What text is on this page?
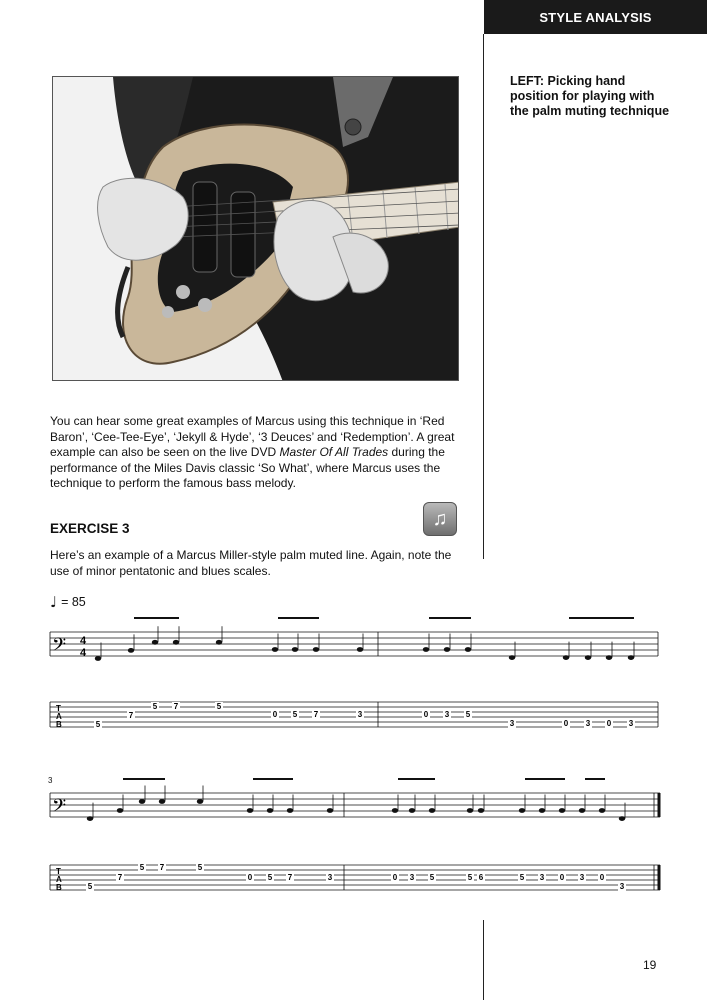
STYLE ANALYSIS
LEFT: Picking hand position for playing with the palm muting technique

You can hear some great examples of Marcus using this technique in ‘Red Baron’, ‘Cee-Tee-Eye’, ‘Jekyll & Hyde’, ‘3 Deuces’ and ‘Redemption’. A great example can also be seen on the live DVD Master Of All Trades during the performance of the Miles Davis classic ‘So What’, where Marcus uses the technique to perform the famous bass melody.

EXERCISE 3	♫
Here’s an example of a Marcus Miller-style palm muted line. Again, note the use of minor pentatonic and blues scales.
♩ = 85
3
T
A
B
T
A
B
5
7
5 7	5
0 5 7	3	0 3 5
3	0 3 0 3
5
7
5 7	5
0 5 7	3	0 3 5	5 6	5 3 0 3 0
3
𝄢
𝄢
4
4
19
